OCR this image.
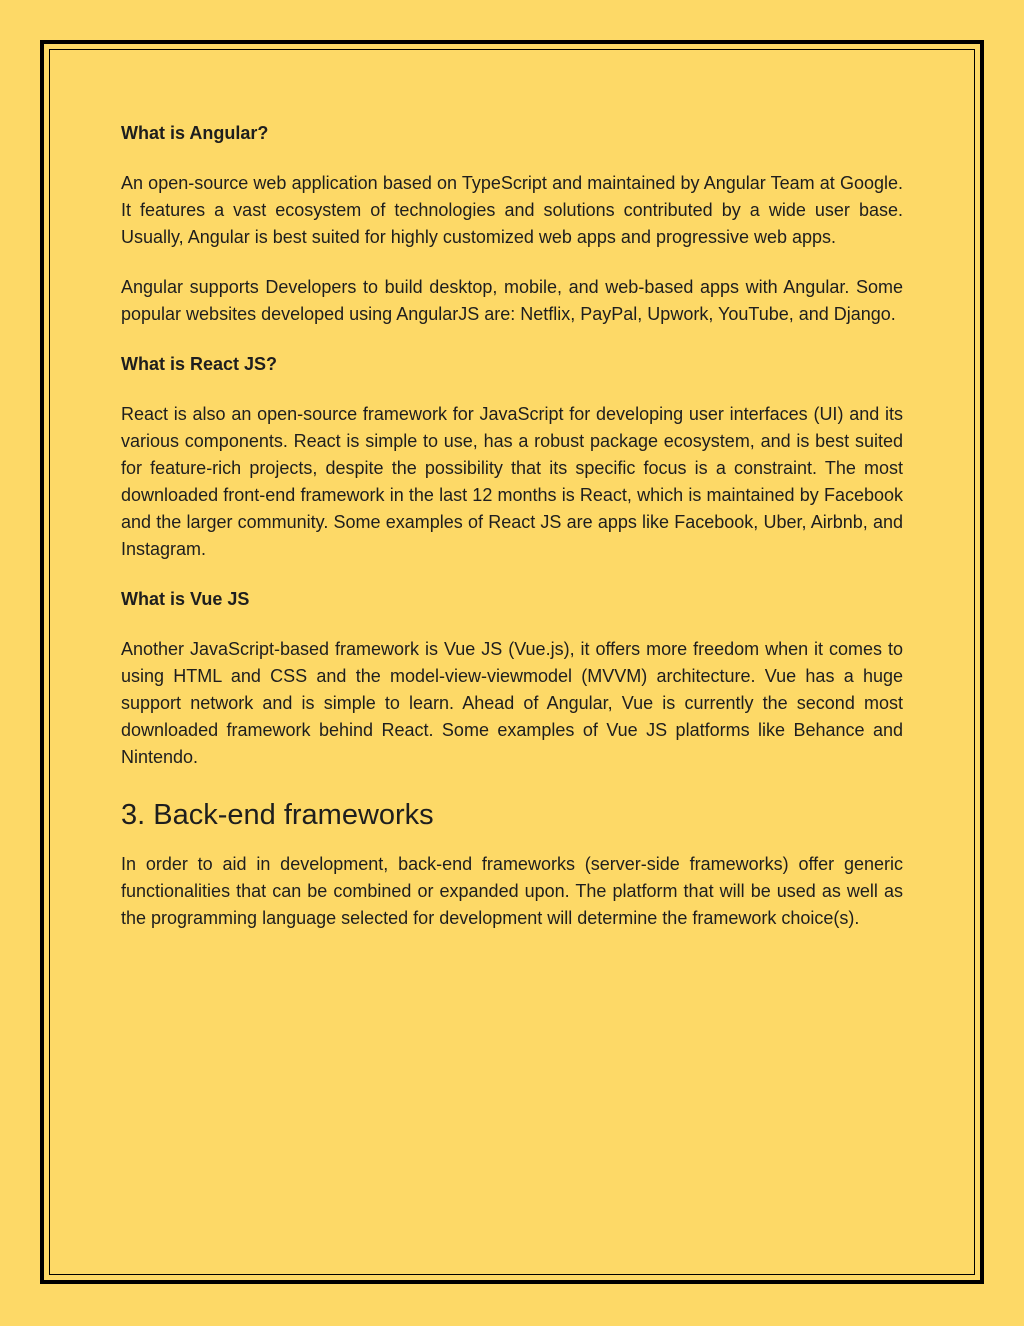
What is Angular?

An open-source web application based on TypeScript and maintained by Angular Team at Google. It features a vast ecosystem of technologies and solutions contributed by a wide user base. Usually, Angular is best suited for highly customized web apps and progressive web apps.

Angular supports Developers to build desktop, mobile, and web-based apps with Angular. Some popular websites developed using AngularJS are: Netflix, PayPal, Upwork, YouTube, and Django.

What is React JS?

React is also an open-source framework for JavaScript for developing user interfaces (UI) and its various components. React is simple to use, has a robust package ecosystem, and is best suited for feature-rich projects, despite the possibility that its specific focus is a constraint. The most downloaded front-end framework in the last 12 months is React, which is maintained by Facebook and the larger community. Some examples of React JS are apps like Facebook, Uber, Airbnb, and Instagram.

What is Vue JS

Another JavaScript-based framework is Vue JS (Vue.js), it offers more freedom when it comes to using HTML and CSS and the model-view-viewmodel (MVVM) architecture. Vue has a huge support network and is simple to learn. Ahead of Angular, Vue is currently the second most downloaded framework behind React. Some examples of Vue JS platforms like Behance and Nintendo.

3. Back-end frameworks

In order to aid in development, back-end frameworks (server-side frameworks) offer generic functionalities that can be combined or expanded upon. The platform that will be used as well as the programming language selected for development will determine the framework choice(s).
